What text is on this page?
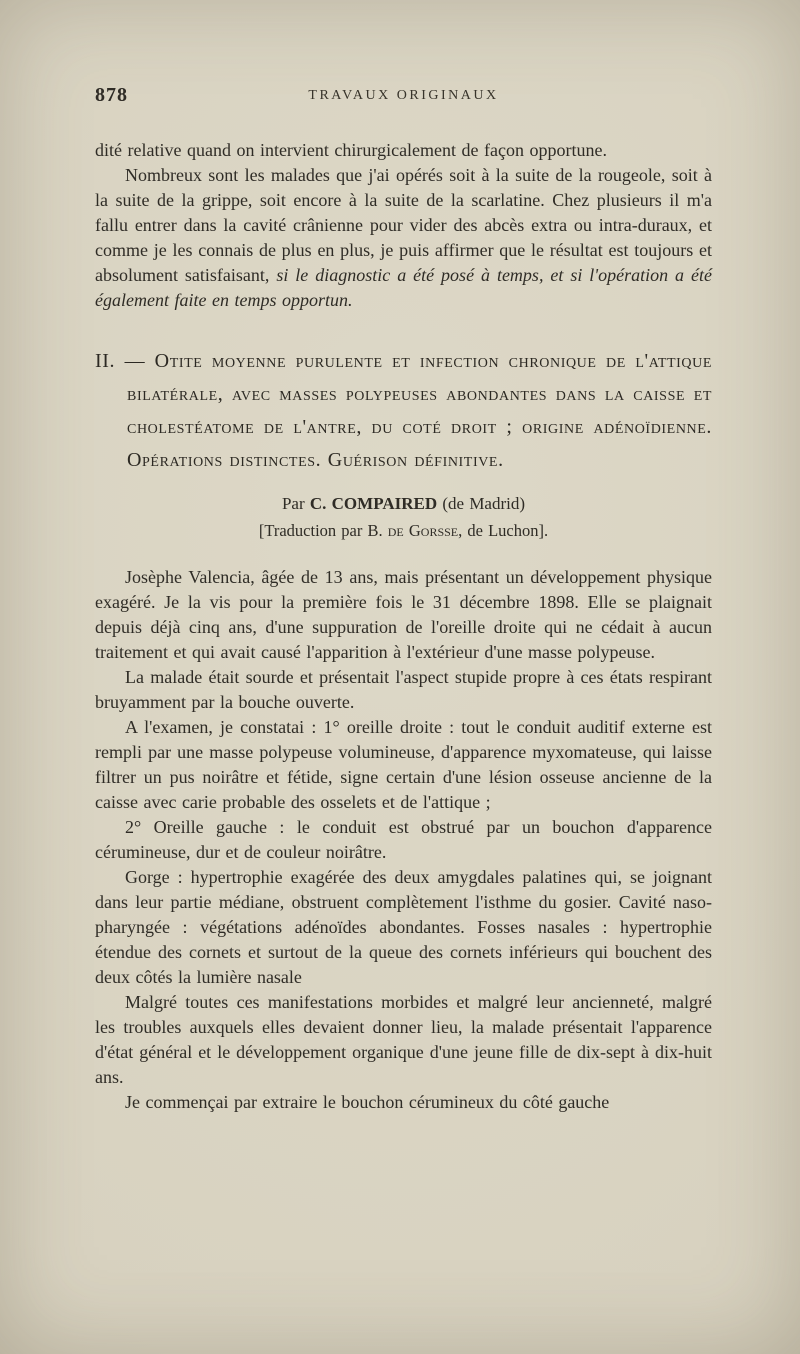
878	TRAVAUX ORIGINAUX

dité relative quand on intervient chirurgicalement de façon opportune.

Nombreux sont les malades que j'ai opérés soit à la suite de la rougeole, soit à la suite de la grippe, soit encore à la suite de la scarlatine. Chez plusieurs il m'a fallu entrer dans la cavité crânienne pour vider des abcès extra ou intra-duraux, et comme je les connais de plus en plus, je puis affirmer que le résultat est toujours et absolument satisfaisant, si le diagnostic a été posé à temps, et si l'opération a été également faite en temps opportun.

II. — Otite moyenne purulente et infection chronique de l'attique bilatérale, avec masses polypeuses abondantes dans la caisse et cholestéatome de l'antre, du coté droit ; origine adénoïdienne. Opérations distinctes. Guérison définitive.

Par C. COMPAIRED (de Madrid)

[Traduction par B. de Gorsse, de Luchon].

Josèphe Valencia, âgée de 13 ans, mais présentant un développement physique exagéré. Je la vis pour la première fois le 31 décembre 1898. Elle se plaignait depuis déjà cinq ans, d'une suppuration de l'oreille droite qui ne cédait à aucun traitement et qui avait causé l'apparition à l'extérieur d'une masse polypeuse.

La malade était sourde et présentait l'aspect stupide propre à ces états respirant bruyamment par la bouche ouverte.

A l'examen, je constatai : 1° oreille droite : tout le conduit auditif externe est rempli par une masse polypeuse volumineuse, d'apparence myxomateuse, qui laisse filtrer un pus noirâtre et fétide, signe certain d'une lésion osseuse ancienne de la caisse avec carie probable des osselets et de l'attique ;

2° Oreille gauche : le conduit est obstrué par un bouchon d'apparence cérumineuse, dur et de couleur noirâtre.

Gorge : hypertrophie exagérée des deux amygdales palatines qui, se joignant dans leur partie médiane, obstruent complètement l'isthme du gosier. Cavité naso-pharyngée : végétations adénoïdes abondantes. Fosses nasales : hypertrophie étendue des cornets et surtout de la queue des cornets inférieurs qui bouchent des deux côtés la lumière nasale

Malgré toutes ces manifestations morbides et malgré leur ancienneté, malgré les troubles auxquels elles devaient donner lieu, la malade présentait l'apparence d'état général et le développement organique d'une jeune fille de dix-sept à dix-huit ans.

Je commençai par extraire le bouchon cérumineux du côté gauche
